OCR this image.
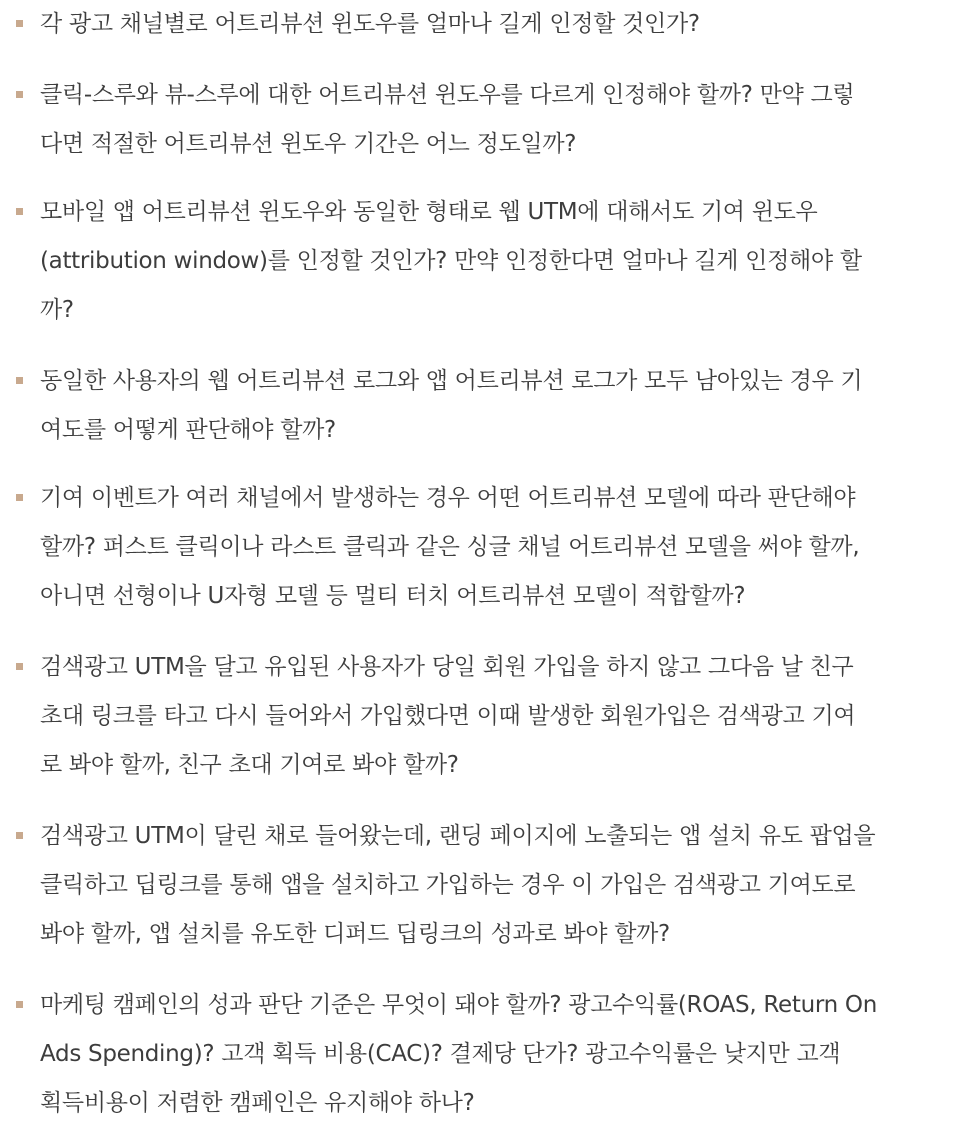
각 광고 채널별로 어트리뷰션 윈도우를 얼마나 길게 인정할 것인가?
클릭-스루와 뷰-스루에 대한 어트리뷰션 윈도우를 다르게 인정해야 할까? 만약 그렇
다면 적절한 어트리뷰션 윈도우 기간은 어느 정도일까?
모바일 앱 어트리뷰션 윈도우와 동일한 형태로 웹 UTM에 대해서도 기여 윈도우
(attribution window)를 인정할 것인가? 만약 인정한다면 얼마나 길게 인정해야 할
까?
동일한 사용자의 웹 어트리뷰션 로그와 앱 어트리뷰션 로그가 모두 남아있는 경우 기
여도를 어떻게 판단해야 할까?
기여 이벤트가 여러 채널에서 발생하는 경우 어떤 어트리뷰션 모델에 따라 판단해야
할까? 퍼스트 클릭이나 라스트 클릭과 같은 싱글 채널 어트리뷰션 모델을 써야 할까,
아니면 선형이나 U자형 모델 등 멀티 터치 어트리뷰션 모델이 적합할까?
검색광고 UTM을 달고 유입된 사용자가 당일 회원 가입을 하지 않고 그다음 날 친구
초대 링크를 타고 다시 들어와서 가입했다면 이때 발생한 회원가입은 검색광고 기여
로 봐야 할까, 친구 초대 기여로 봐야 할까?
검색광고 UTM이 달린 채로 들어왔는데, 랜딩 페이지에 노출되는 앱 설치 유도 팝업을
클릭하고 딥링크를 통해 앱을 설치하고 가입하는 경우 이 가입은 검색광고 기여도로
봐야 할까, 앱 설치를 유도한 디퍼드 딥링크의 성과로 봐야 할까?
마케팅 캠페인의 성과 판단 기준은 무엇이 돼야 할까? 광고수익률(ROAS, Return On
Ads Spending)? 고객 획득 비용(CAC)? 결제당 단가? 광고수익률은 낮지만 고객
획득비용이 저렴한 캠페인은 유지해야 하나?
